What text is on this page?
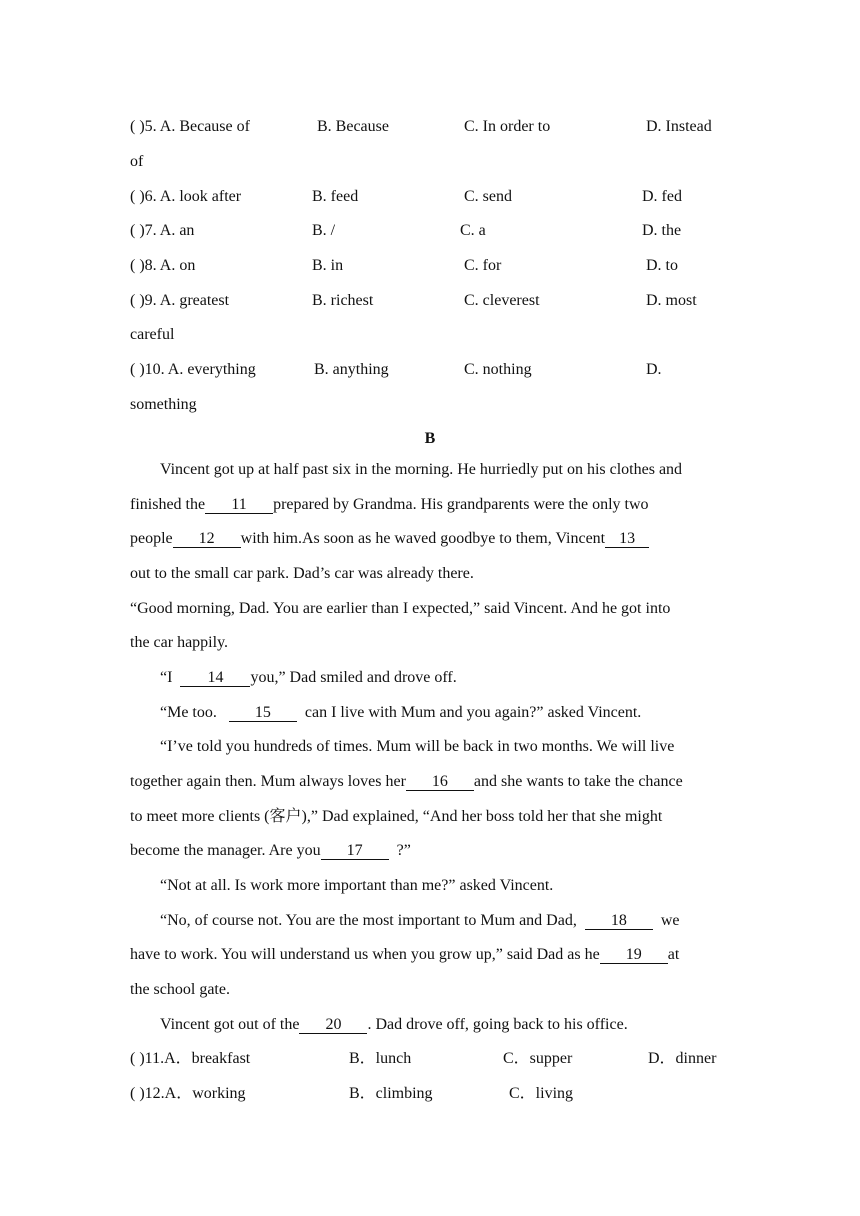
( )5. A. Because of	B. Because	C. In order to	D. Instead
of
( )6. A. look after	B. feed	C. send	D. fed
( )7. A. an	B. /	C. a	D. the
( )8. A. on	B. in	C. for	D. to
( )9. A. greatest	B. richest	C. cleverest	D. most
careful
( )10. A. everything	B. anything	C. nothing	D.
something
B
Vincent got up at half past six in the morning. He hurriedly put on his clothes and
finished the 11 prepared by Grandma. His grandparents were the only two
people 12 with him.As soon as he waved goodbye to them, Vincent 13
out to the small car park. Dad’s car was already there.
“Good morning, Dad. You are earlier than I expected,” said Vincent. And he got into
the car happily.
“I 14 you,” Dad smiled and drove off.
“Me too. 15 can I live with Mum and you again?” asked Vincent.
“I’ve told you hundreds of times. Mum will be back in two months. We will live
together again then. Mum always loves her 16 and she wants to take the chance
to meet more clients (客户),” Dad explained, “And her boss told her that she might
become the manager. Are you 17 ?”
“Not at all. Is work more important than me?” asked Vincent.
“No, of course not. You are the most important to Mum and Dad, 18 we
have to work. You will understand us when you grow up,” said Dad as he 19 at
the school gate.
Vincent got out of the 20 . Dad drove off, going back to his office.
( )11.A．breakfast	B．lunch	C．supper	D．dinner
( )12.A．working	B．climbing	C．living
